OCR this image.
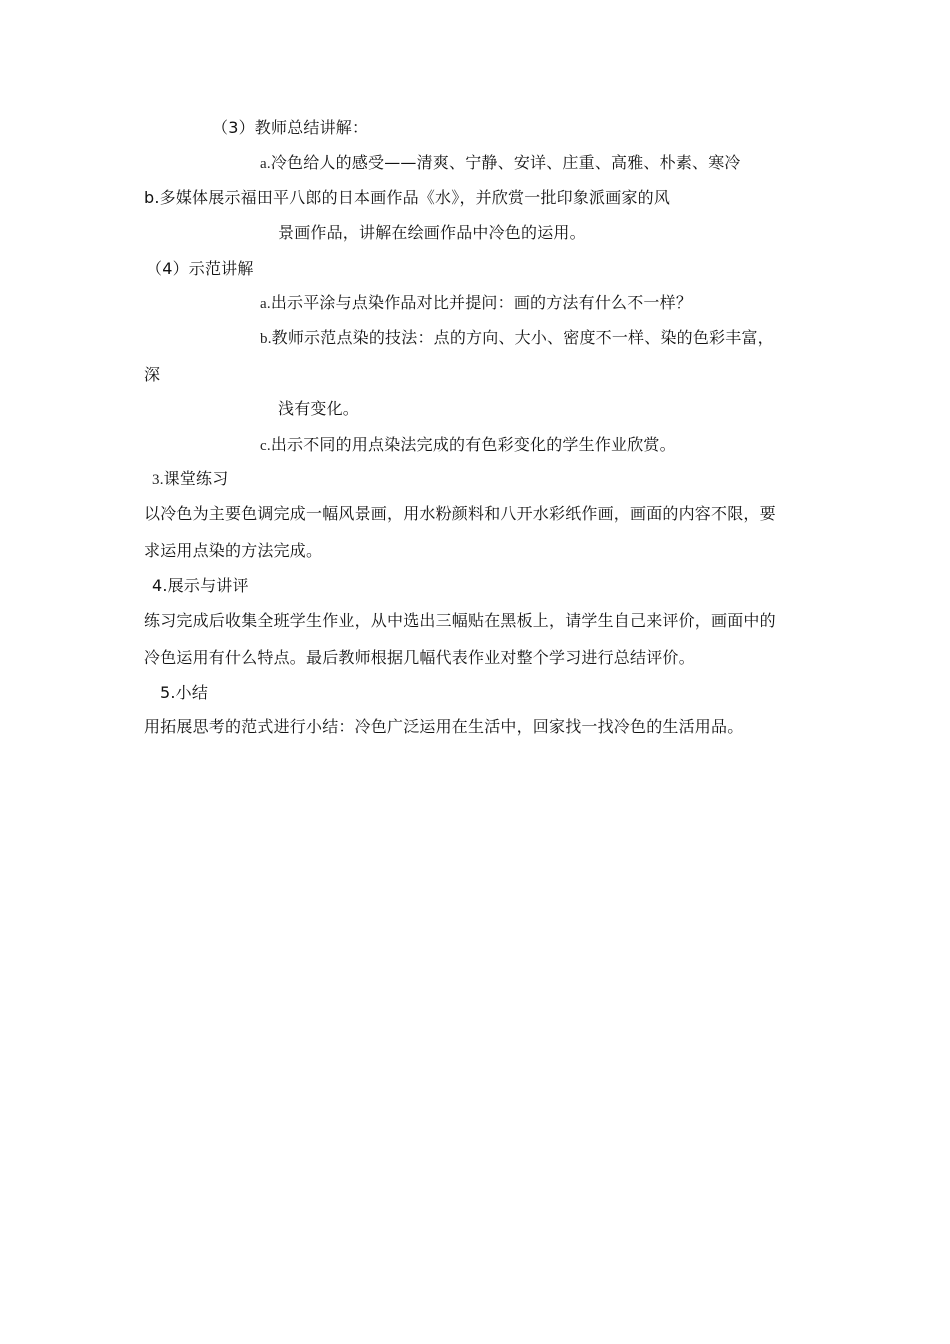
（3）教师总结讲解：
a.冷色给人的感受——清爽、宁静、安详、庄重、高雅、朴素、寒冷
b.多媒体展示福田平八郎的日本画作品《水》，并欣赏一批印象派画家的风
景画作品，讲解在绘画作品中冷色的运用。
（4）示范讲解
a.出示平涂与点染作品对比并提问：画的方法有什么不一样？
b.教师示范点染的技法：点的方向、大小、密度不一样、染的色彩丰富，
深
浅有变化。
c.出示不同的用点染法完成的有色彩变化的学生作业欣赏。
3.课堂练习
以冷色为主要色调完成一幅风景画，用水粉颜料和八开水彩纸作画，画面的内容不限，要
求运用点染的方法完成。
4.展示与讲评
练习完成后收集全班学生作业，从中选出三幅贴在黑板上，请学生自己来评价，画面中的
冷色运用有什么特点。最后教师根据几幅代表作业对整个学习进行总结评价。
5.小结
用拓展思考的范式进行小结：冷色广泛运用在生活中，回家找一找冷色的生活用品。
